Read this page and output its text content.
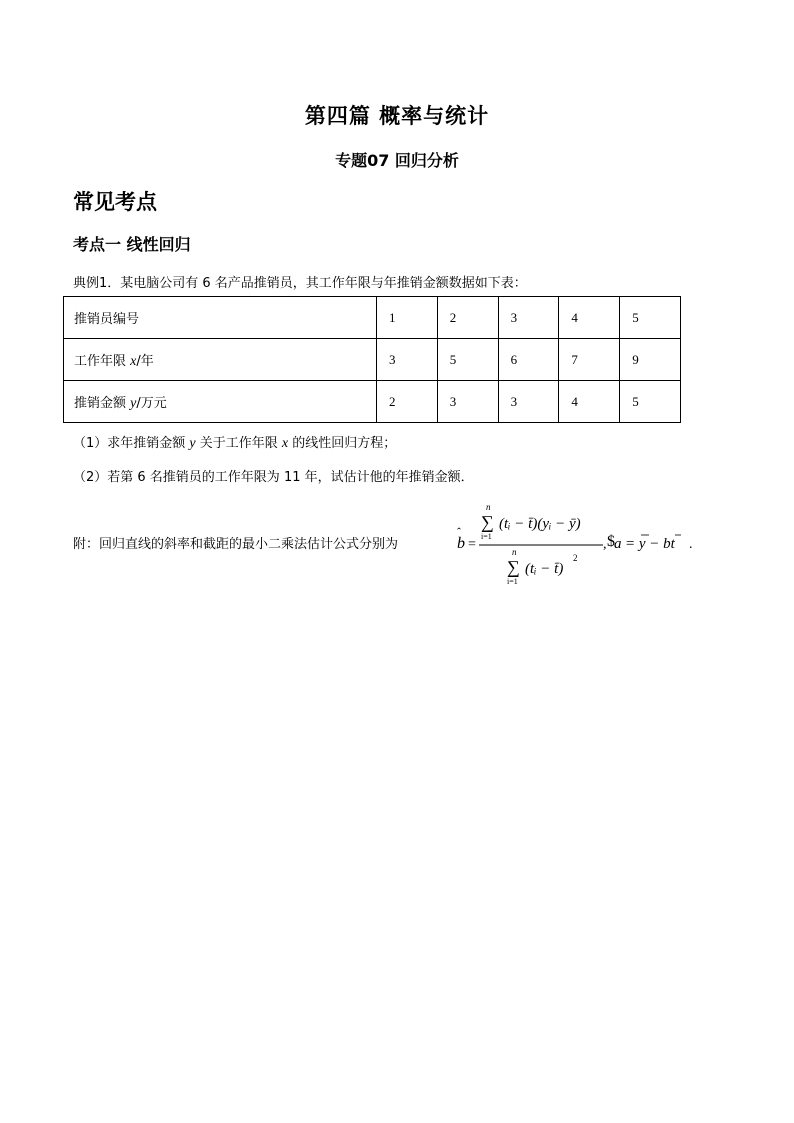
第四篇 概率与统计
专题07 回归分析
常见考点
考点一 线性回归
典例1．某电脑公司有 6 名产品推销员，其工作年限与年推销金额数据如下表：
推销员编号	1	2	3	4	5
工作年限 x/年	3	5	6	7	9
推销金额 y/万元	2	3	3	4	5
（1）求年推销金额 y 关于工作年限 x 的线性回归方程；
（2）若第 6 名推销员的工作年限为 11 年，试估计他的年推销金额．
附：回归直线的斜率和截距的最小二乘法估计公式分别为	b
ˆ
=
n
∑
i=1
(tᵢ − t̄)(yᵢ − ȳ)
n
∑
i=1
(tᵢ − t̄)
2
, $ a = y − bt .
